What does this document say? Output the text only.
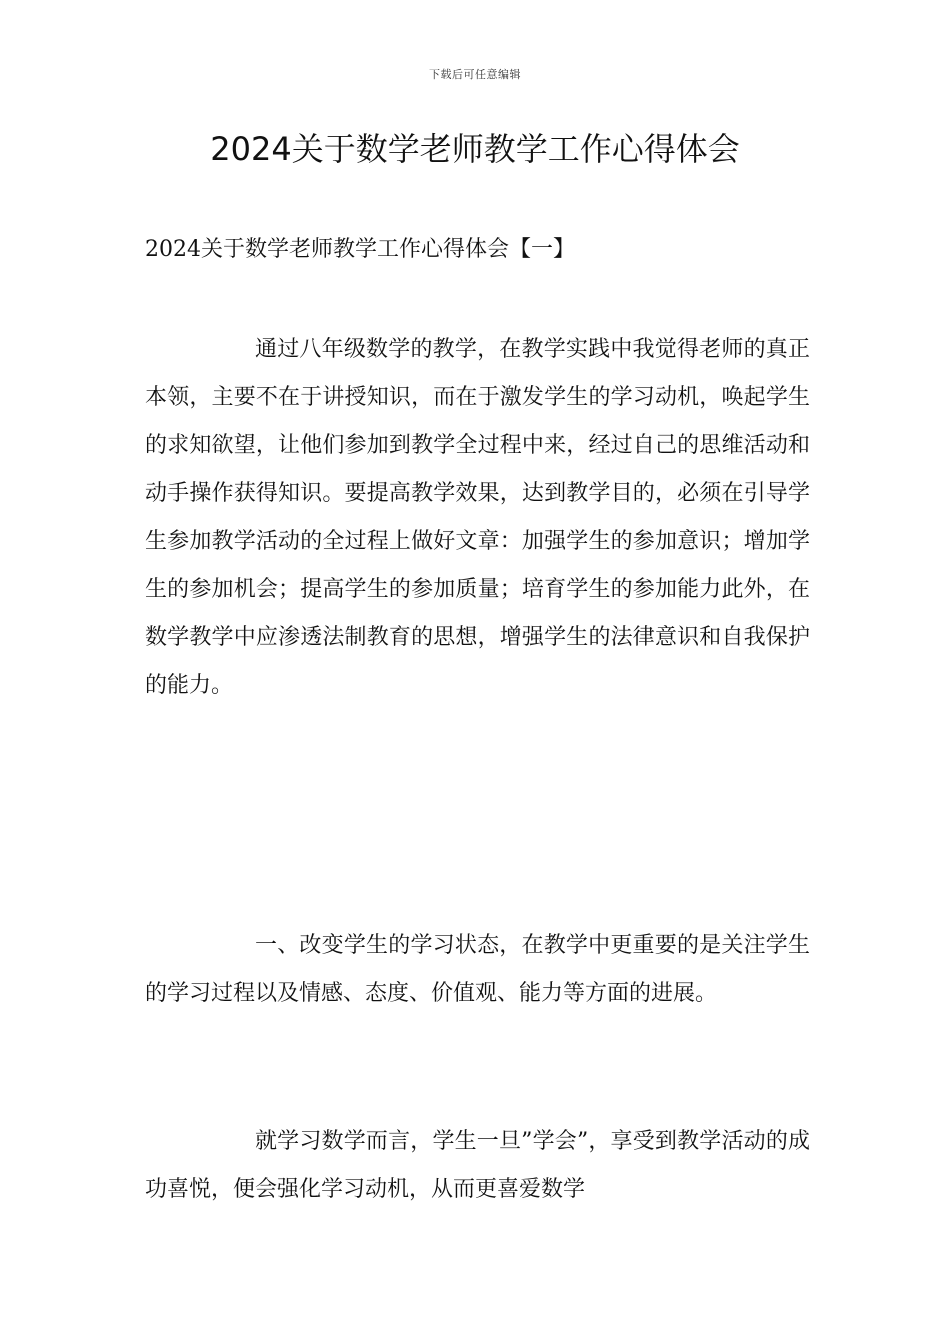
下载后可任意编辑
2024关于数学老师教学工作心得体会
2024关于数学老师教学工作心得体会【一】

通过八年级数学的教学，在教学实践中我觉得老师的真正本领，主要不在于讲授知识，而在于激发学生的学习动机，唤起学生的求知欲望，让他们参加到教学全过程中来，经过自己的思维活动和动手操作获得知识。要提高教学效果，达到教学目的，必须在引导学生参加教学活动的全过程上做好文章：加强学生的参加意识；增加学生的参加机会；提高学生的参加质量；培育学生的参加能力此外，在数学教学中应渗透法制教育的思想，增强学生的法律意识和自我保护的能力。

一、改变学生的学习状态，在教学中更重要的是关注学生的学习过程以及情感、态度、价值观、能力等方面的进展。

就学习数学而言，学生一旦”学会”，享受到教学活动的成功喜悦，便会强化学习动机，从而更喜爱数学
